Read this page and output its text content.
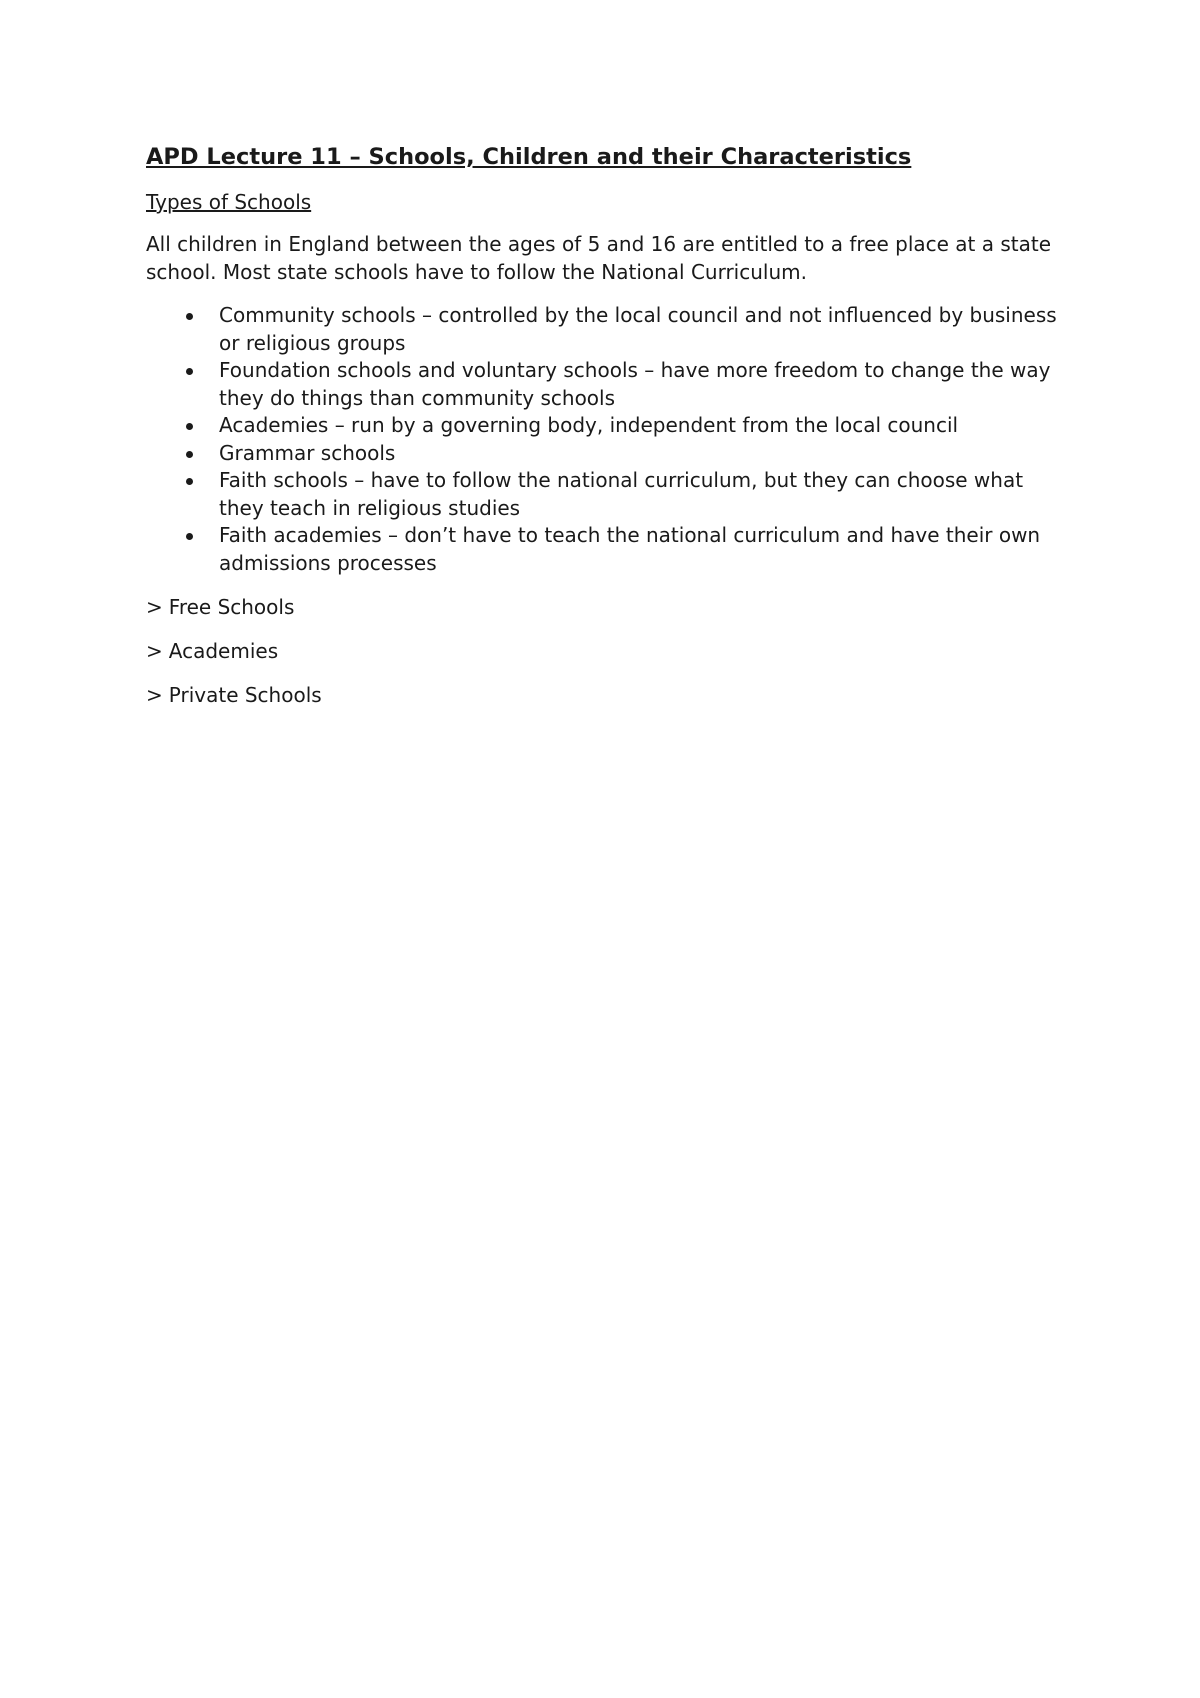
APD Lecture 11 – Schools, Children and their Characteristics
Types of Schools

All children in England between the ages of 5 and 16 are entitled to a free place at a state school. Most state schools have to follow the National Curriculum.

Community schools – controlled by the local council and not influenced by business or religious groups
Foundation schools and voluntary schools – have more freedom to change the way they do things than community schools
Academies – run by a governing body, independent from the local council
Grammar schools
Faith schools – have to follow the national curriculum, but they can choose what they teach in religious studies
Faith academies – don’t have to teach the national curriculum and have their own admissions processes

> Free Schools

> Academies

> Private Schools
